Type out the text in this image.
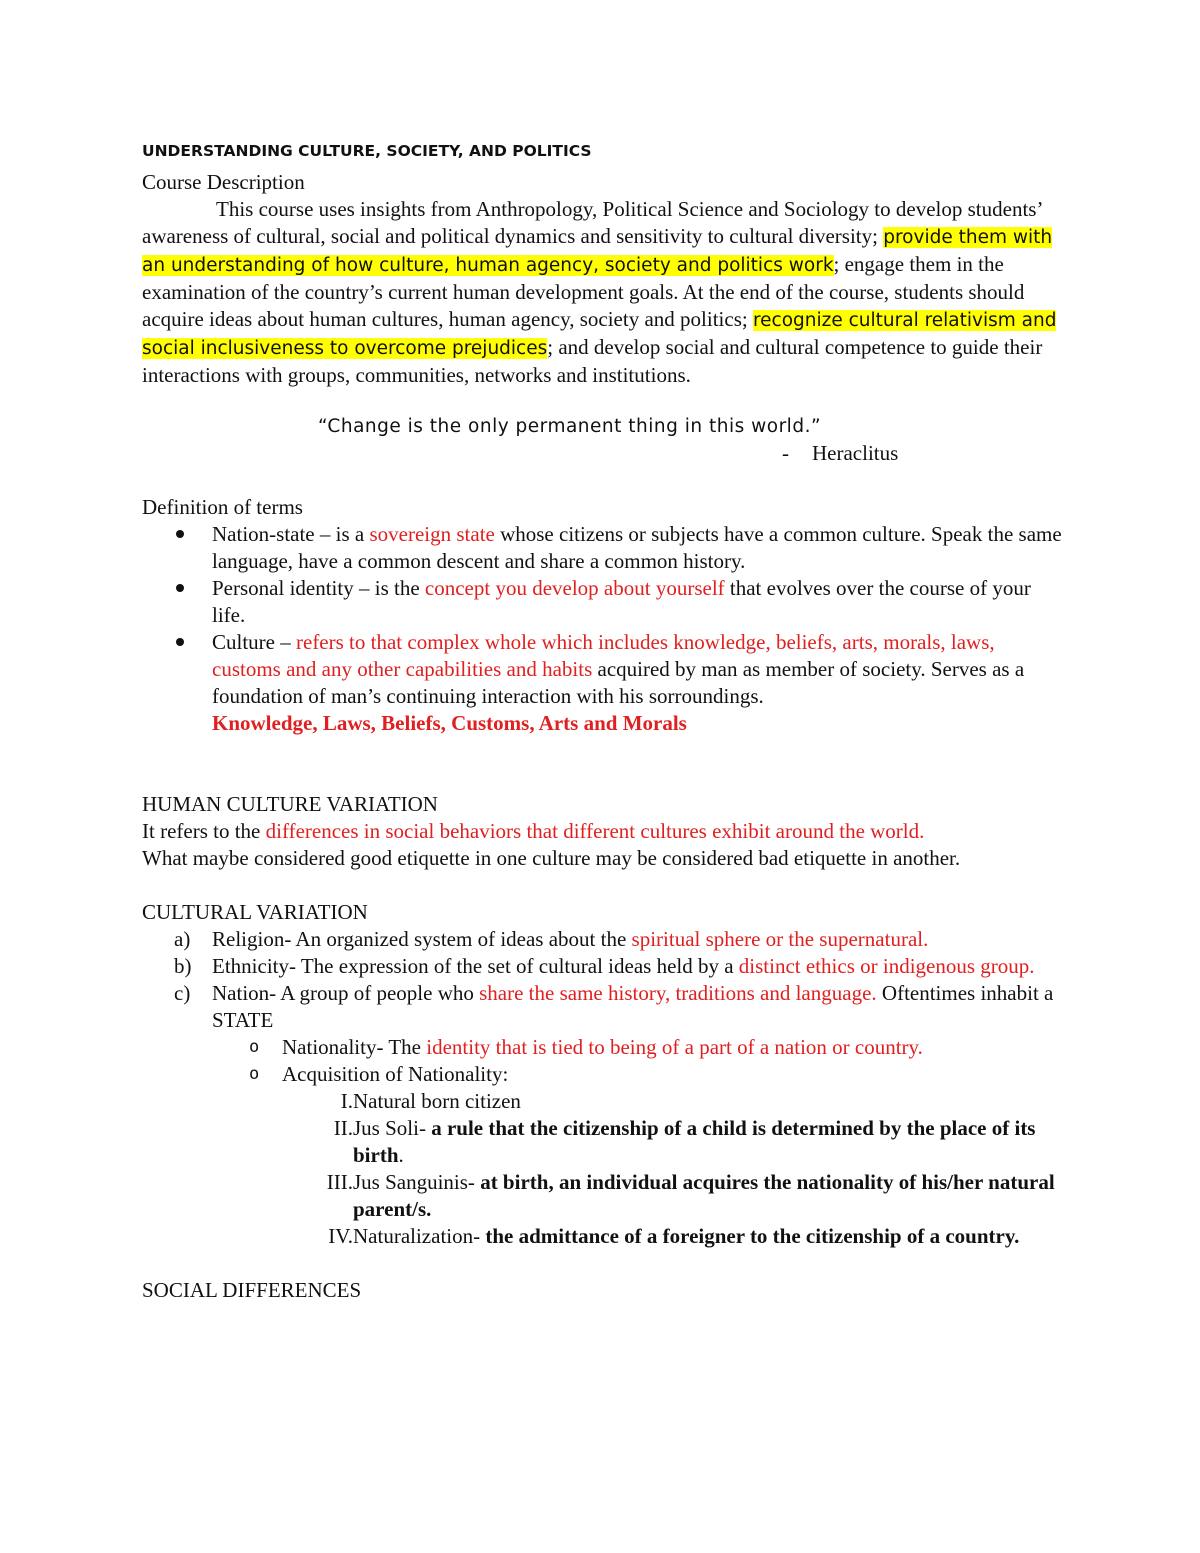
UNDERSTANDING CULTURE, SOCIETY, AND POLITICS
Course Description
This course uses insights from Anthropology, Political Science and Sociology to develop students’ awareness of cultural, social and political dynamics and sensitivity to cultural diversity; provide them with an understanding of how culture, human agency, society and politics work; engage them in the examination of the country’s current human development goals. At the end of the course, students should acquire ideas about human cultures, human agency, society and politics; recognize cultural relativism and social inclusiveness to overcome prejudices; and develop social and cultural competence to guide their interactions with groups, communities, networks and institutions.
“Change is the only permanent thing in this world.”
- Heraclitus
Definition of terms
Nation-state – is a sovereign state whose citizens or subjects have a common culture. Speak the same language, have a common descent and share a common history.
Personal identity – is the concept you develop about yourself that evolves over the course of your life.
Culture – refers to that complex whole which includes knowledge, beliefs, arts, morals, laws, customs and any other capabilities and habits acquired by man as member of society. Serves as a foundation of man’s continuing interaction with his sorroundings.
Knowledge, Laws, Beliefs, Customs, Arts and Morals
HUMAN CULTURE VARIATION
It refers to the differences in social behaviors that different cultures exhibit around the world.
What maybe considered good etiquette in one culture may be considered bad etiquette in another.
CULTURAL VARIATION
a) Religion- An organized system of ideas about the spiritual sphere or the supernatural.
b) Ethnicity- The expression of the set of cultural ideas held by a distinct ethics or indigenous group.
c) Nation- A group of people who share the same history, traditions and language. Oftentimes inhabit a STATE
o Nationality- The identity that is tied to being of a part of a nation or country.
o Acquisition of Nationality:
I. Natural born citizen
II. Jus Soli- a rule that the citizenship of a child is determined by the place of its birth.
III. Jus Sanguinis- at birth, an individual acquires the nationality of his/her natural parent/s.
IV. Naturalization- the admittance of a foreigner to the citizenship of a country.
SOCIAL DIFFERENCES
